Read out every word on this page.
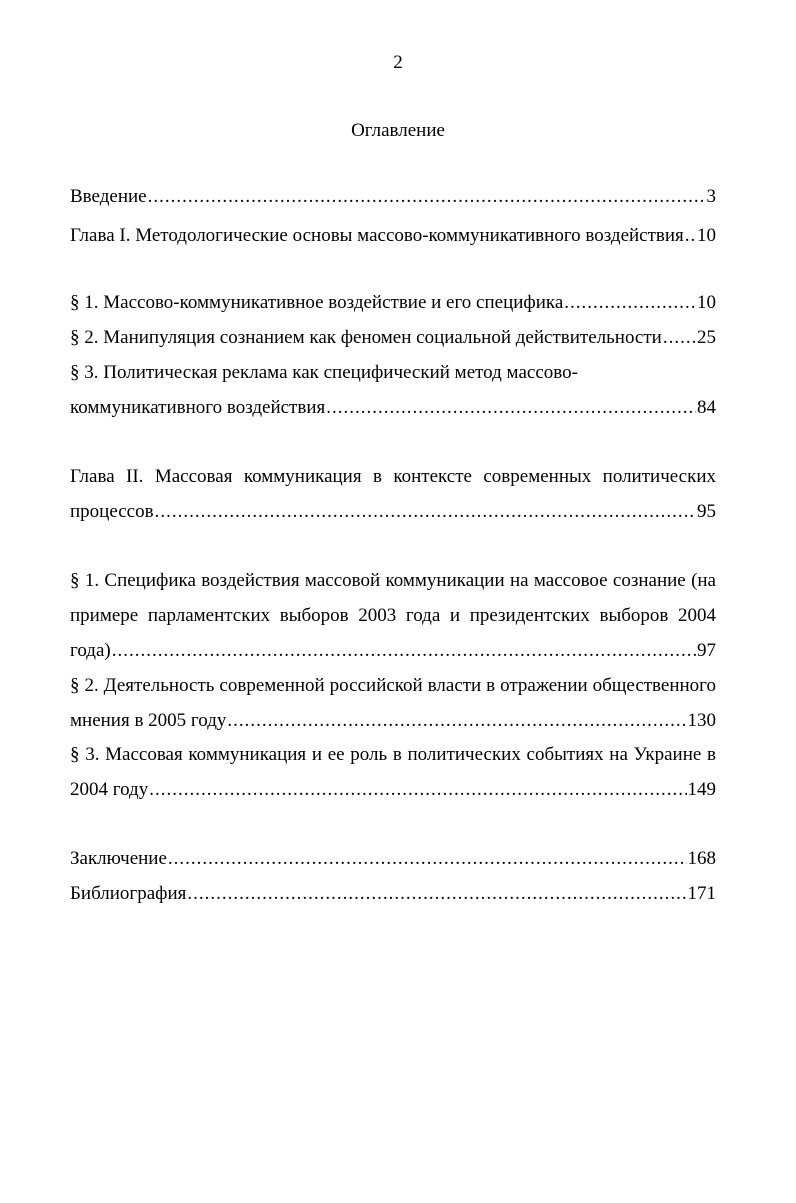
2
Оглавление
Введение .....	3
Глава I. Методологические основы массово-коммуникативного воздействия ..... 10
§ 1. Массово-коммуникативное воздействие и его специфика .....	10
§ 2. Манипуляция сознанием как феномен социальной действительности ..... 25
§ 3. Политическая реклама как специфический метод массово-
коммуникативного воздействия .....	84
Глава II. Массовая коммуникация в контексте современных политических
процессов .....	95
§ 1. Специфика воздействия массовой коммуникации на массовое сознание (на
примере парламентских выборов 2003 года и президентских выборов 2004
года) .....	97
§ 2. Деятельность современной российской власти в отражении общественного
мнения в 2005 году .....	130
§ 3. Массовая коммуникация и ее роль в политических событиях на Украине в
2004 году .....	149
Заключение .....	168
Библиография .....	171
